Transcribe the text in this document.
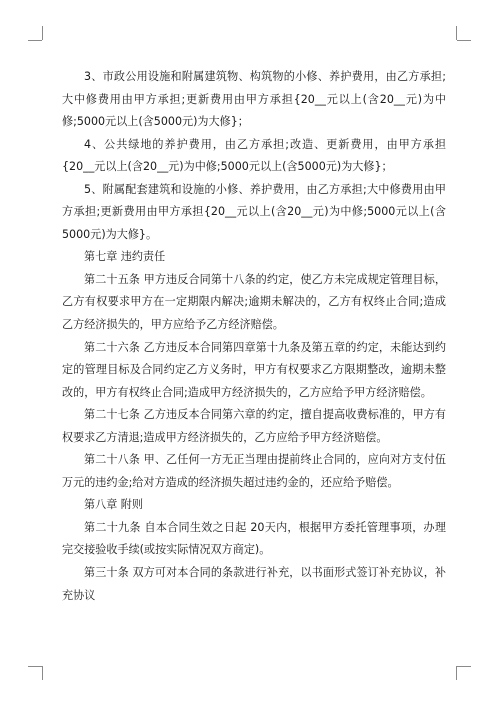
3、市政公用设施和附属建筑物、构筑物的小修、养护费用，由乙方承担;大中修费用由甲方承担;更新费用由甲方承担{20__元以上(含20__元)为中修;5000元以上(含5000元)为大修}；

4、公共绿地的养护费用，由乙方承担;改造、更新费用，由甲方承担{20__元以上(含20__元)为中修;5000元以上(含5000元)为大修}；

5、附属配套建筑和设施的小修、养护费用，由乙方承担;大中修费用由甲方承担;更新费用由甲方承担{20__元以上(含20__元)为中修;5000元以上(含5000元)为大修}。

第七章 违约责任

第二十五条 甲方违反合同第十八条的约定，使乙方未完成规定管理目标，乙方有权要求甲方在一定期限内解决;逾期未解决的，乙方有权终止合同;造成乙方经济损失的，甲方应给予乙方经济赔偿。

第二十六条 乙方违反本合同第四章第十九条及第五章的约定，未能达到约定的管理目标及合同约定乙方义务时，甲方有权要求乙方限期整改，逾期未整改的，甲方有权终止合同;造成甲方经济损失的，乙方应给予甲方经济赔偿。

第二十七条 乙方违反本合同第六章的约定，擅自提高收费标准的，甲方有权要求乙方清退;造成甲方经济损失的，乙方应给予甲方经济赔偿。

第二十八条 甲、乙任何一方无正当理由提前终止合同的，应向对方支付伍万元的违约金;给对方造成的经济损失超过违约金的，还应给予赔偿。

第八章 附则

第二十九条 自本合同生效之日起 20天内，根据甲方委托管理事项，办理完交接验收手续(或按实际情况双方商定)。

第三十条 双方可对本合同的条款进行补充，以书面形式签订补充协议，补充协议
